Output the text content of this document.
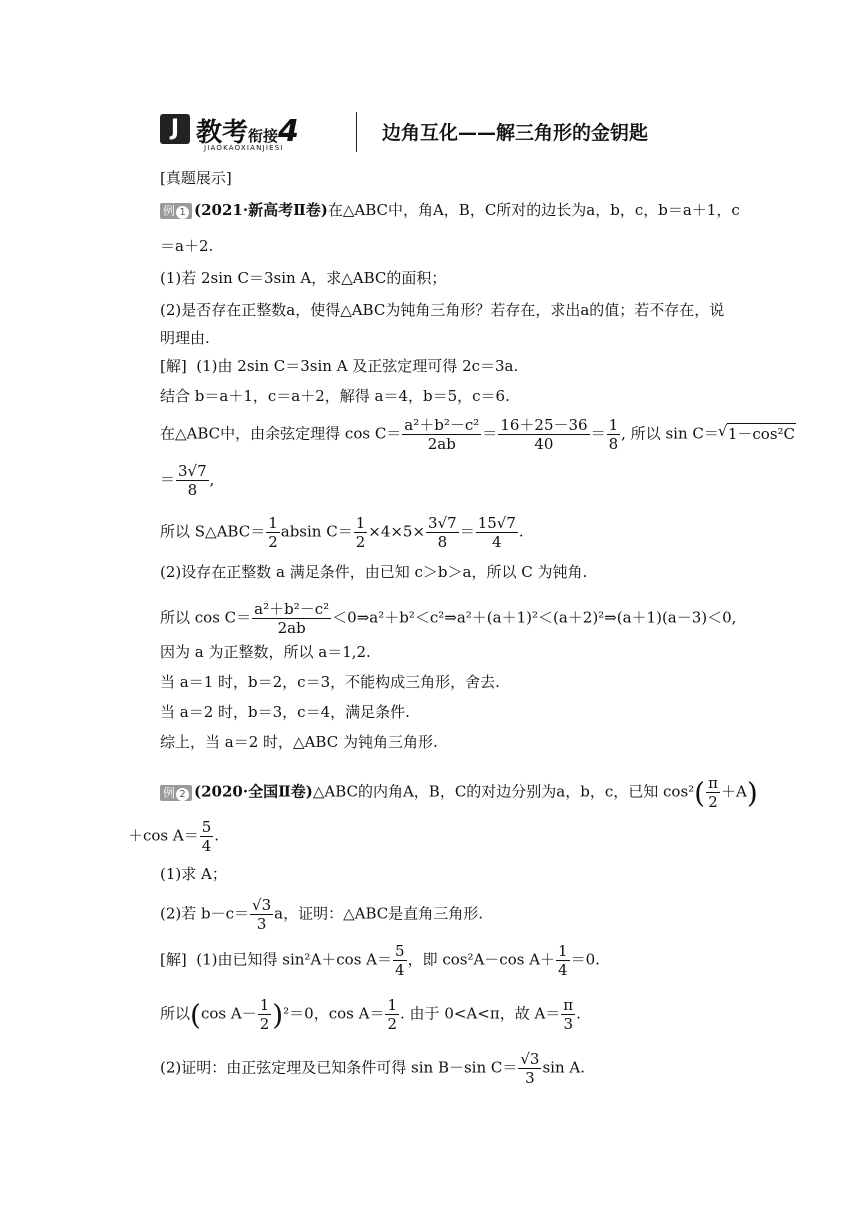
J 教考衔接4
JIAOKAOXIANJIESI
边角互化——解三角形的金钥匙
[真题展示]
例 1 (2021·新高考Ⅱ卷)在△ABC中，角A，B，C所对的边长为a，b，c，b＝a＋1，c
＝a＋2.
(1)若 2sin C＝3sin A，求△ABC的面积；
(2)是否存在正整数a，使得△ABC为钝角三角形？若存在，求出a的值；若不存在，说
明理由.
[解] (1)由 2sin C＝3sin A 及正弦定理可得 2c＝3a.
结合 b＝a＋1，c＝a＋2，解得 a＝4，b＝5，c＝6.
在△ABC中，由余弦定理得 $\cos C= \frac{\text{a²＋b²－c²}}{2ab} = \frac{16+25-36}{40} = \frac{1}{8}$ , 所以 sin C＝√ 1－cos²C
＝ $\frac{3√7}{8}$ ,
所以 S△ABC＝ $\frac{1}{2}$ absin $C= \frac{1}{2} \times 4\times 5\times \frac{3√7}{8} = \frac{15√7}{4}$ .
(2)设存在正整数 a 满足条件，由已知 c＞b＞a，所以 C 为钝角.
所以 $\cos C= \frac{\text{a²＋b²－c²}}{2ab}$ ＜0⇒a²＋b²＜c²⇒a²＋(a＋1)²＜(a＋2)²⇒(a＋1)(a－3)＜0,
因为 a 为正整数，所以 a＝1,2.
当 a＝1 时，b＝2，c＝3，不能构成三角形，舍去.
当 a＝2 时，b＝3，c＝4，满足条件.
综上，当 a＝2 时，△ABC 为钝角三角形.
例 2 (2020·全国Ⅱ卷)△ABC的内角A，B，C的对边分别为a，b，c，已知 $\cos^2( \frac{\pi}{2} +A)$
＋cos $A= \frac{5}{4}$ .
(1)求 A；
(2)若 $b-c= \frac{√3}{3}$ a，证明：△ABC是直角三角形.
[解] (1)由已知得 sin²A＋cos $A= \frac{5}{4}$ ，即 cos²A－cos $A+ \frac{1}{4} =0$.
所以(cos $A- \frac{1}{2} )^2=0$，$\cos A= \frac{1}{2}$ . 由于 0<A<π，故 $A= \frac{\pi}{3}$ .
(2)证明：由正弦定理及已知条件可得 sin B－sin $C= \frac{√3}{3}$ sin A.
